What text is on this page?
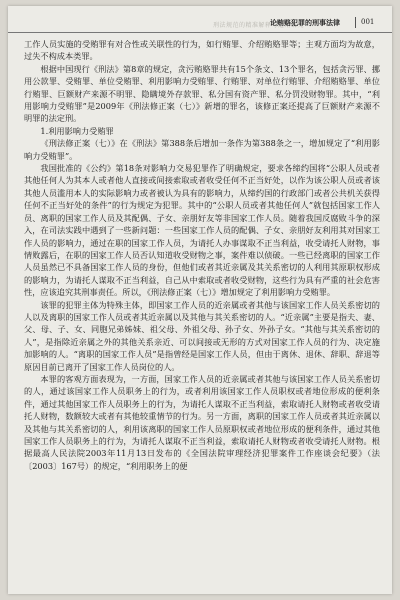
刑法规范的精准解释与适用研究
论贿赂犯罪的刑事法律	001

工作人员实施的受贿罪有对合性或关联性的行为，如行贿罪、介绍贿赂罪等；主观方面均为故意，过失不构成本类罪。

根据中国现行《刑法》第8章的规定，贪污贿赂罪共有15个条文、13个罪名，包括贪污罪、挪用公款罪、受贿罪、单位受贿罪、利用影响力受贿罪、行贿罪、对单位行贿罪、介绍贿赂罪、单位行贿罪、巨额财产来源不明罪、隐瞒境外存款罪、私分国有资产罪、私分罚没财物罪。其中，“利用影响力受贿罪”是2009年《刑法修正案（七）》新增的罪名，该修正案还提高了巨额财产来源不明罪的法定刑。

1.利用影响力受贿罪

《刑法修正案（七）》在《刑法》第388条后增加一条作为第388条之一，增加规定了“利用影响力受贿罪”。

我国批准的《公约》第18条对影响力交易犯罪作了明确规定，要求各缔约国将“公职人员或者其他任何人为其本人或者他人直接或间接索取或者收受任何不正当好处，以作为该公职人员或者该其他人员滥用本人的实际影响力或者被认为具有的影响力，从缔约国的行政部门或者公共机关获得任何不正当好处的条件”的行为规定为犯罪。其中的“公职人员或者其他任何人”就包括国家工作人员、离职的国家工作人员及其配偶、子女、亲朋好友等非国家工作人员。随着我国反腐败斗争的深入，在司法实践中遇到了一些新问题：一些国家工作人员的配偶、子女、亲朋好友利用其对国家工作人员的影响力，通过在职的国家工作人员，为请托人办事谋取不正当利益，收受请托人财物，事情败露后，在职的国家工作人员否认知道收受财物之事，案件难以侦破。一些已经离职的国家工作人员虽然已不具备国家工作人员的身份，但他们或者其近亲属及其关系密切的人利用其原职权形成的影响力，为请托人谋取不正当利益，自己从中索取或者收受财物，这些行为具有严重的社会危害性，应该追究其刑事责任。所以，《刑法修正案（七）》增加规定了利用影响力受贿罪。

该罪的犯罪主体为特殊主体，即国家工作人员的近亲属或者其他与该国家工作人员关系密切的人以及离职的国家工作人员或者其近亲属以及其他与其关系密切的人。“近亲属”主要是指夫、妻、父、母、子、女、同胞兄弟姊妹、祖父母、外祖父母、孙子女、外孙子女。“其他与其关系密切的人”，是指除近亲属之外的其他关系亲近、可以间接或无形的方式对国家工作人员的行为、决定施加影响的人。“离职的国家工作人员”是指曾经是国家工作人员，但由于离休、退休、辞职、辞退等原因目前已离开了国家工作人员岗位的人。

本罪的客观方面表现为，一方面，国家工作人员的近亲属或者其他与该国家工作人员关系密切的人，通过该国家工作人员职务上的行为，或者利用该国家工作人员职权或者地位形成的便利条件，通过其他国家工作人员职务上的行为，为请托人谋取不正当利益，索取请托人财物或者收受请托人财物，数额较大或者有其他较重情节的行为。另一方面，离职的国家工作人员或者其近亲属以及其他与其关系密切的人，利用该离职的国家工作人员原职权或者地位形成的便利条件，通过其他国家工作人员职务上的行为，为请托人谋取不正当利益，索取请托人财物或者收受请托人财物。根据最高人民法院2003年11月13日发布的《全国法院审理经济犯罪案件工作座谈会纪要》（法〔2003〕167号）的规定，“利用职务上的便
